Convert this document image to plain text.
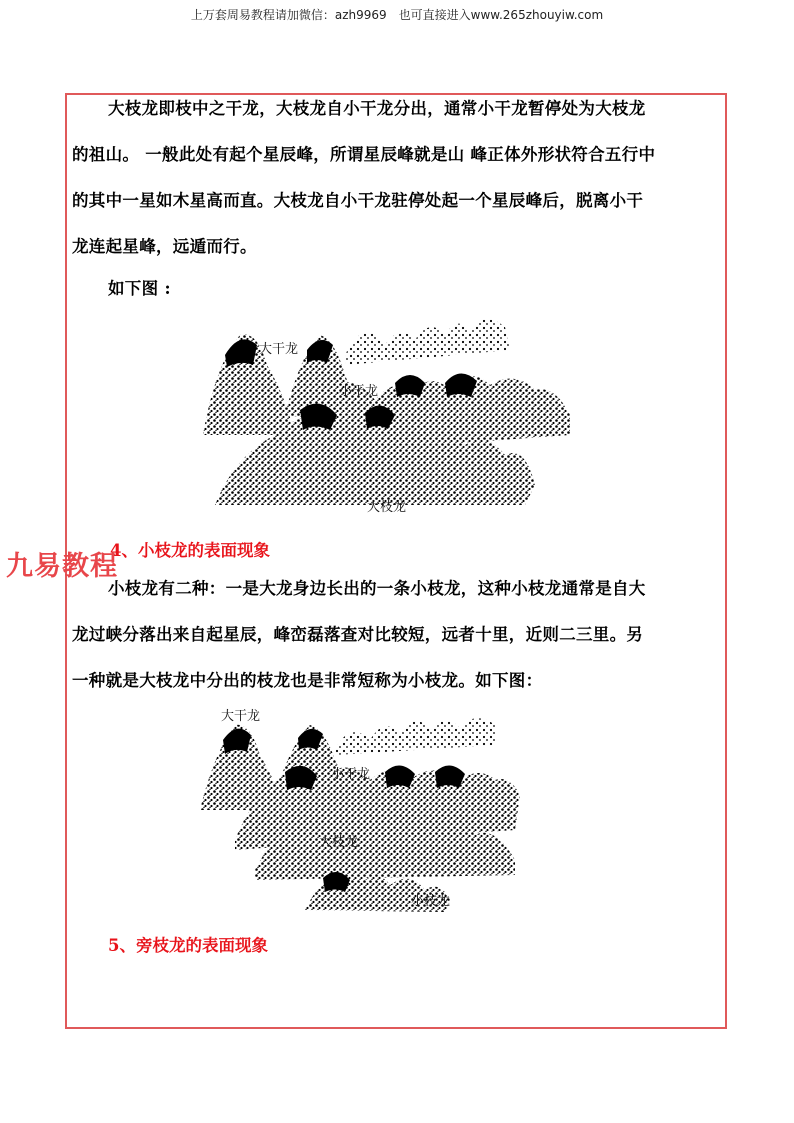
上万套周易教程请加微信：azh9969　也可直接进入www.265zhouyiw.com
大枝龙即枝中之干龙，大枝龙自小干龙分出，通常小干龙暂停处为大枝龙
的祖山。 一般此处有起个星辰峰，所谓星辰峰就是山 峰正体外形状符合五行中
的其中一星如木星高而直。大枝龙自小干龙驻停处起一个星辰峰后，脱离小干
龙连起星峰，远遁而行。
如下图 :
大干龙
小干龙
大枝龙
4、小枝龙的表面现象
九易教程
小枝龙有二种：一是大龙身边长出的一条小枝龙，这种小枝龙通常是自大
龙过峡分落出来自起星辰，峰峦磊落查对比较短，远者十里，近则二三里。另
一种就是大枝龙中分出的枝龙也是非常短称为小枝龙。如下图：
大干龙
小干龙
大枝龙
小枝龙
5、旁枝龙的表面现象
